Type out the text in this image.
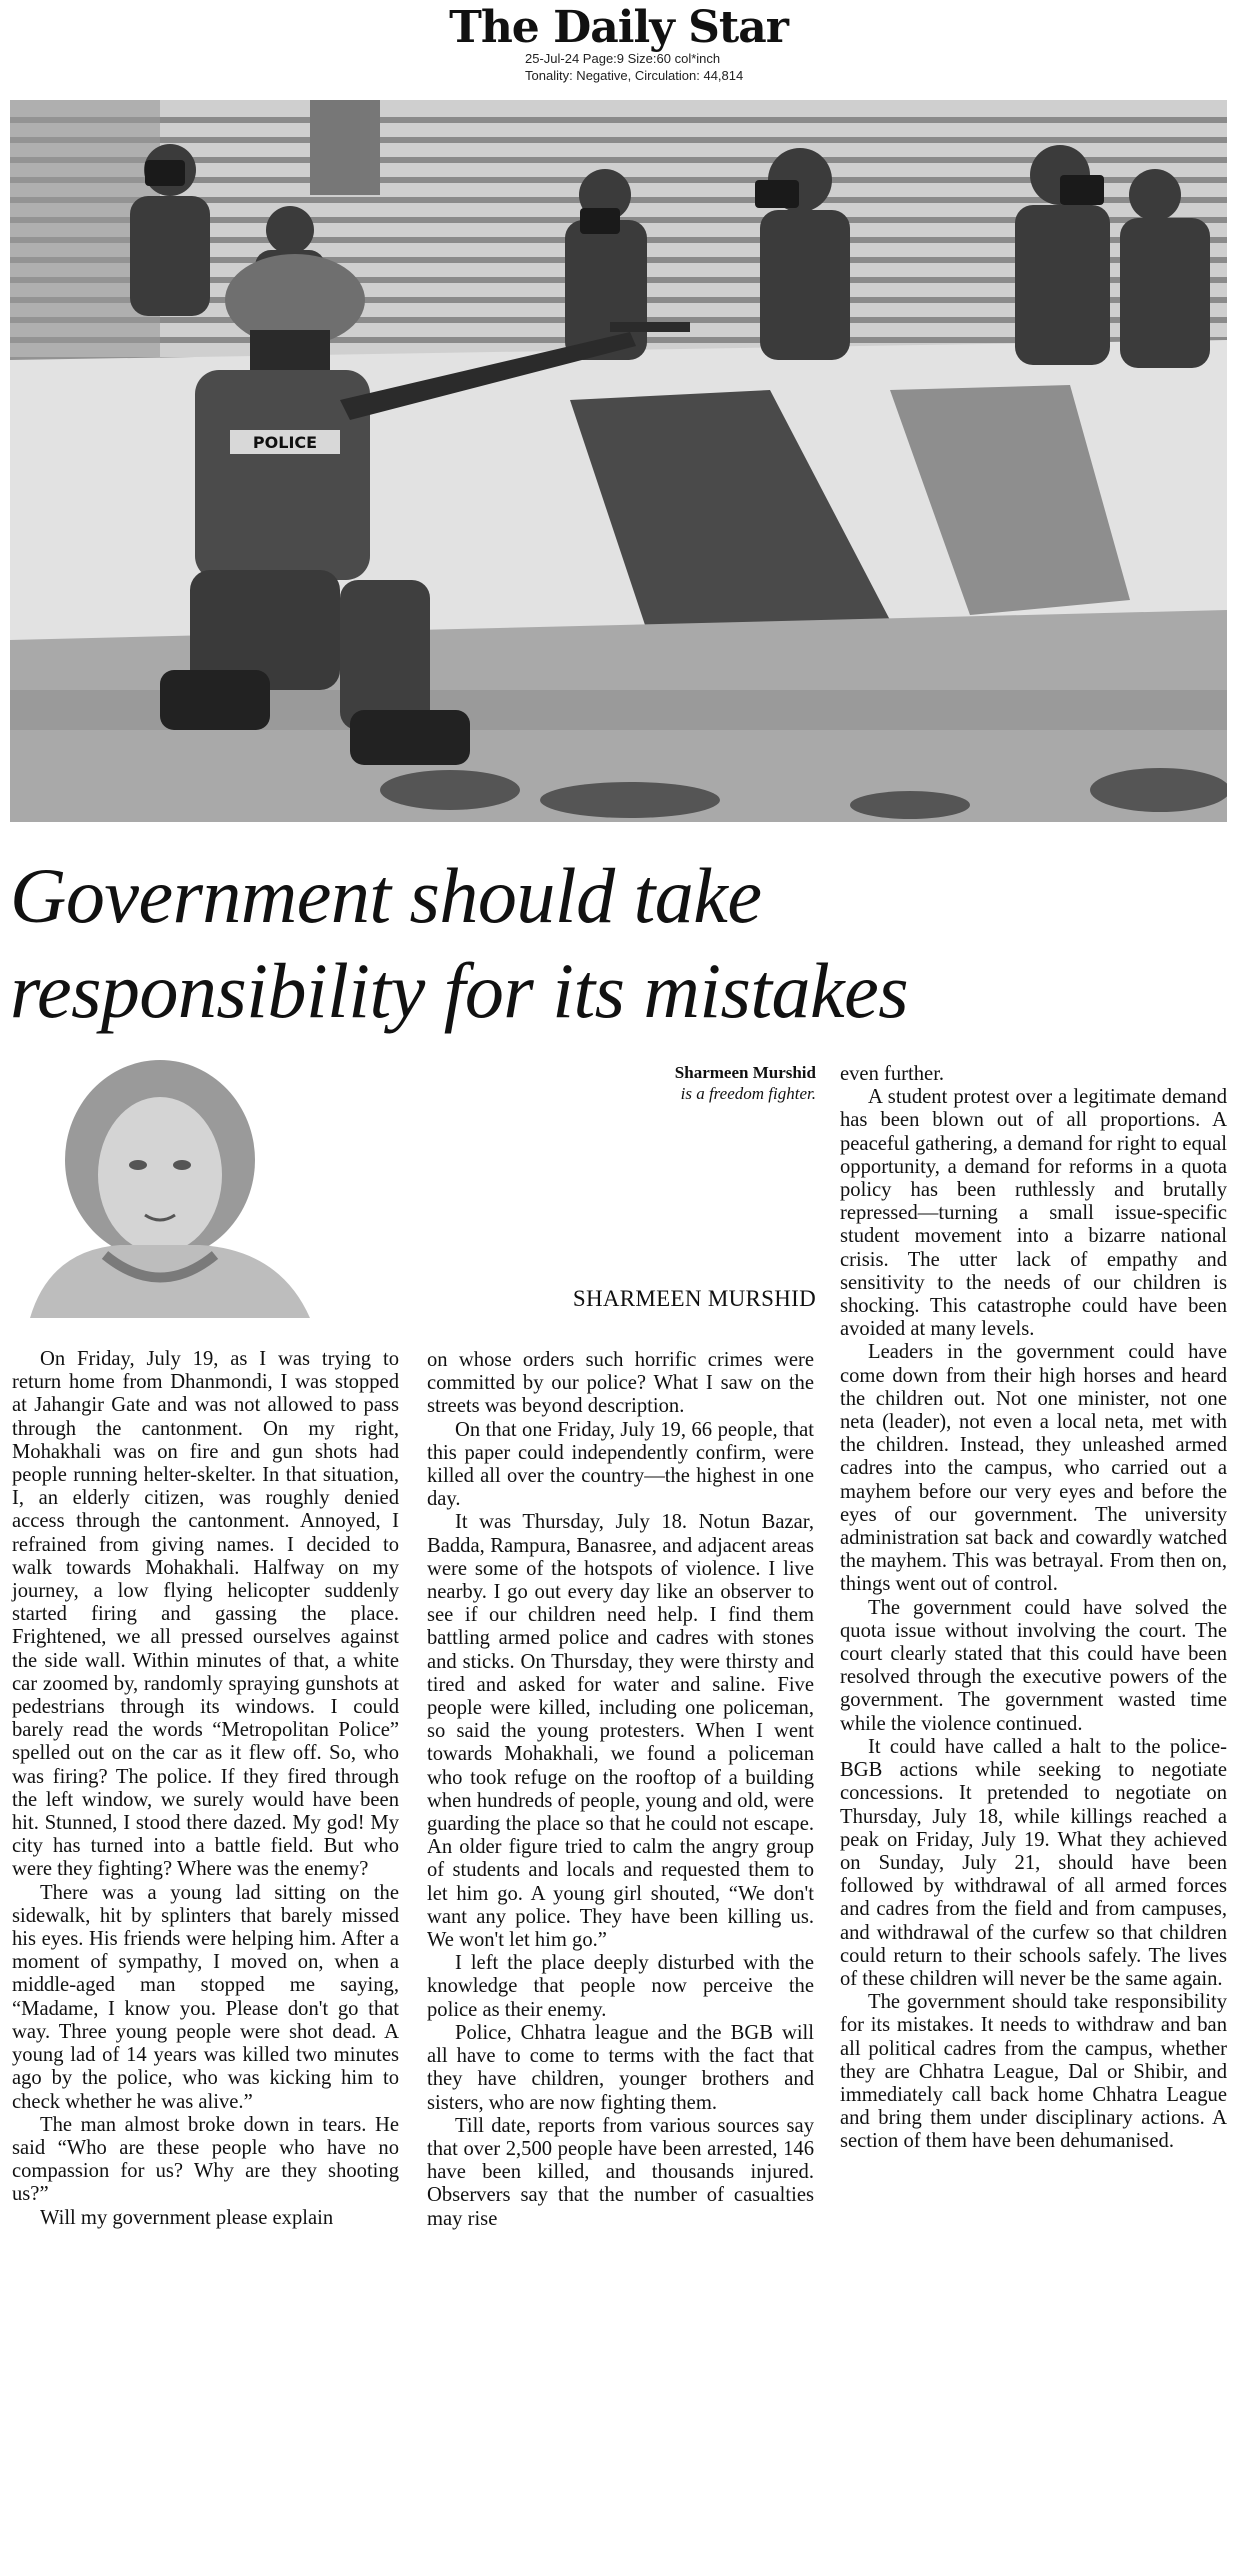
The Daily Star
25-Jul-24 Page:9 Size:60 col*inch
Tonality: Negative, Circulation: 44,814
POLICE
Government should take
responsibility for its mistakes
Sharmeen Murshid
is a freedom fighter.
SHARMEEN MURSHID

On Friday, July 19, as I was trying to return home from Dhanmondi, I was stopped at Jahangir Gate and was not allowed to pass through the cantonment. On my right, Mohakhali was on fire and gun shots had people running helter-skelter. In that situation, I, an elderly citizen, was roughly denied access through the cantonment. Annoyed, I refrained from giving names. I decided to walk towards Mohakhali. Halfway on my journey, a low flying helicopter suddenly started firing and gassing the place. Frightened, we all pressed ourselves against the side wall. Within minutes of that, a white car zoomed by, randomly spraying gunshots at pedestrians through its windows. I could barely read the words “Metropolitan Police” spelled out on the car as it flew off. So, who was firing? The police. If they fired through the left window, we surely would have been hit. Stunned, I stood there dazed. My god! My city has turned into a battle field. But who were they fighting? Where was the enemy?

There was a young lad sitting on the sidewalk, hit by splinters that barely missed his eyes. His friends were helping him. After a moment of sympathy, I moved on, when a middle-aged man stopped me saying, “Madame, I know you. Please don't go that way. Three young people were shot dead. A young lad of 14 years was killed two minutes ago by the police, who was kicking him to check whether he was alive.”

The man almost broke down in tears. He said “Who are these people who have no compassion for us? Why are they shooting us?”

Will my government please explain

on whose orders such horrific crimes were committed by our police? What I saw on the streets was beyond description.

On that one Friday, July 19, 66 people, that this paper could independently confirm, were killed all over the country—the highest in one day.

It was Thursday, July 18. Notun Bazar, Badda, Rampura, Banasree, and adjacent areas were some of the hotspots of violence. I live nearby. I go out every day like an observer to see if our children need help. I find them battling armed police and cadres with stones and sticks. On Thursday, they were thirsty and tired and asked for water and saline. Five people were killed, including one policeman, so said the young protesters. When I went towards Mohakhali, we found a policeman who took refuge on the rooftop of a building when hundreds of people, young and old, were guarding the place so that he could not escape. An older figure tried to calm the angry group of students and locals and requested them to let him go. A young girl shouted, “We don't want any police. They have been killing us. We won't let him go.”

I left the place deeply disturbed with the knowledge that people now perceive the police as their enemy.

Police, Chhatra league and the BGB will all have to come to terms with the fact that they have children, younger brothers and sisters, who are now fighting them.

Till date, reports from various sources say that over 2,500 people have been arrested, 146 have been killed, and thousands injured. Observers say that the number of casualties may rise

even further.

A student protest over a legitimate demand has been blown out of all proportions. A peaceful gathering, a demand for right to equal opportunity, a demand for reforms in a quota policy has been ruthlessly and brutally repressed—turning a small issue-specific student movement into a bizarre national crisis. The utter lack of empathy and sensitivity to the needs of our children is shocking. This catastrophe could have been avoided at many levels.

Leaders in the government could have come down from their high horses and heard the children out. Not one minister, not one neta (leader), not even a local neta, met with the children. Instead, they unleashed armed cadres into the campus, who carried out a mayhem before our very eyes and before the eyes of our government. The university administration sat back and cowardly watched the mayhem. This was betrayal. From then on, things went out of control.

The government could have solved the quota issue without involving the court. The court clearly stated that this could have been resolved through the executive powers of the government. The government wasted time while the violence continued.

It could have called a halt to the police-BGB actions while seeking to negotiate concessions. It pretended to negotiate on Thursday, July 18, while killings reached a peak on Friday, July 19. What they achieved on Sunday, July 21, should have been followed by withdrawal of all armed forces and cadres from the field and from campuses, and withdrawal of the curfew so that children could return to their schools safely. The lives of these children will never be the same again.

The government should take responsibility for its mistakes. It needs to withdraw and ban all political cadres from the campus, whether they are Chhatra League, Dal or Shibir, and immediately call back home Chhatra League and bring them under disciplinary actions. A section of them have been dehumanised.
